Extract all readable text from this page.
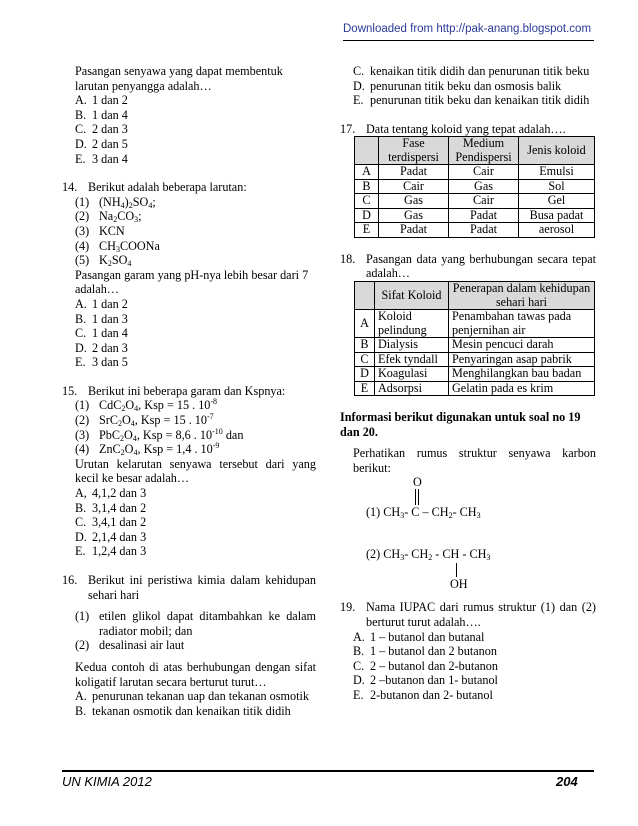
Downloaded from http://pak-anang.blogspot.com
Pasangan senyawa yang dapat membentuk
larutan penyangga adalah…
A. 1 dan 2
B. 1 dan 4
C. 2 dan 3
D. 2 dan 5
E. 3 dan 4
14. Berikut adalah beberapa larutan:
(1) $(NH_4)_2SO_4$;
(2) $Na_2CO_3$;
(3) KCN
(4) $CH_3COONa$
(5) $K_2SO_4$
Pasangan garam yang pH-nya lebih besar dari 7 adalah…
A. 1 dan 2
B. 1 dan 3
C. 1 dan 4
D. 2 dan 3
E. 3 dan 5
15. Berikut ini beberapa garam dan Kspnya:
(1) $CdC_2O_4$, Ksp = 15 . $10^{-8}$
(2) $SrC_2O_4$, Ksp = 15 . $10^{-7}$
(3) $PbC_2O_4$, Ksp = 8,6 . $10^{-10}$ dan
(4) $ZnC_2O_4$, Ksp = 1,4 . $10^{-9}$
Urutan kelarutan senyawa tersebut dari yang kecil ke besar adalah…
A, 4,1,2 dan 3
B. 3,1,4 dan 2
C. 3,4,1 dan 2
D. 2,1,4 dan 3
E. 1,2,4 dan 3
16. Berikut ini peristiwa kimia dalam kehidupan sehari hari
(1) etilen glikol dapat ditambahkan ke dalam radiator mobil; dan
(2) desalinasi air laut
Kedua contoh di atas berhubungan dengan sifat koligatif larutan secara berturut turut…
A. penurunan tekanan uap dan tekanan osmotik
B. tekanan osmotik dan kenaikan titik didih
C. kenaikan titik didih dan penurunan titik beku
D. penurunan titik beku dan osmosis balik
E. penurunan titik beku dan kenaikan titik didih
17. Data tentang koloid yang tepat adalah….
	Fase terdispersi	Medium Pendispersi	Jenis koloid
A	Padat	Cair	Emulsi
B	Cair	Gas	Sol
C	Gas	Cair	Gel
D	Gas	Padat	Busa padat
E	Padat	Padat	aerosol
18. Pasangan data yang berhubungan secara tepat adalah…
	Sifat Koloid	Penerapan dalam kehidupan sehari hari
A	Koloid pelindung	Penambahan tawas pada penjernihan air
B	Dialysis	Mesin pencuci darah
C	Efek tyndall	Penyaringan asap pabrik
D	Koagulasi	Menghilangkan bau badan
E	Adsorpsi	Gelatin pada es krim
Informasi berikut digunakan untuk soal no 19 dan 20.
Perhatikan rumus struktur senyawa karbon berikut:
O
(1) $CH_3-$ C – $CH_2-$ $CH_3$
(2) $CH_3-$ $CH_2$ - CH - $CH_3$
OH
19. Nama IUPAC dari rumus struktur (1) dan (2) berturut turut adalah….
A. 1 – butanol dan butanal
B. 1 – butanol dan 2 butanon
C. 2 – butanol dan 2-butanon
D. 2 –butanon dan 1- butanol
E. 2-butanon dan 2- butanol
UN KIMIA 2012	204
